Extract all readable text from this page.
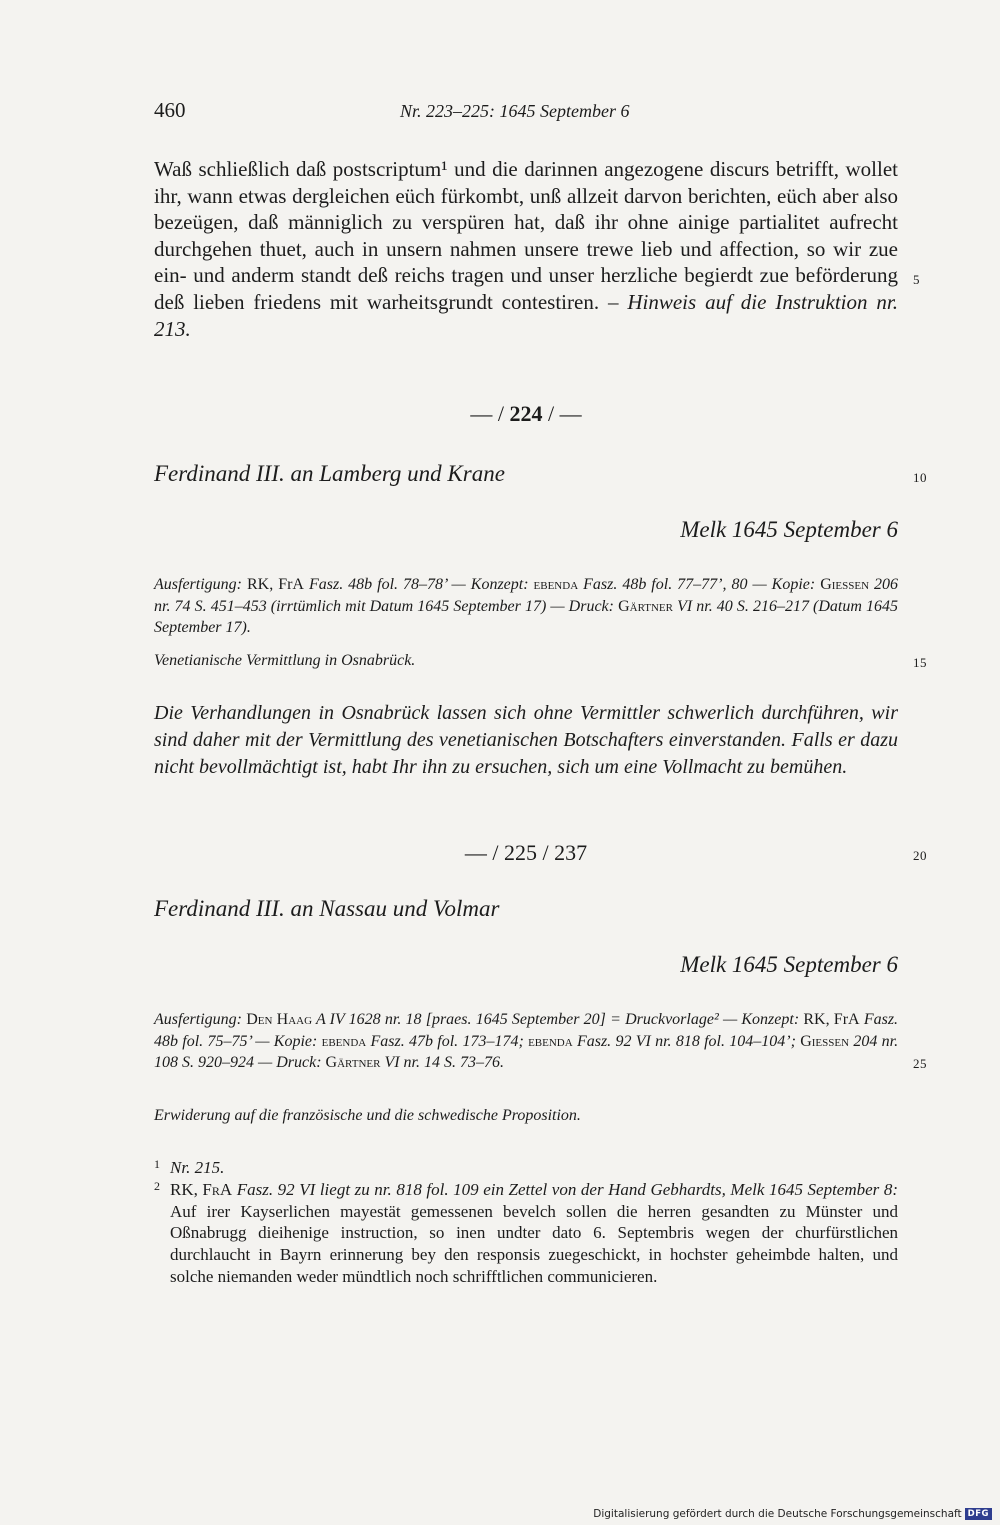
460	Nr. 223–225: 1645 September 6
Waß schließlich daß postscriptum¹ und die darinnen angezogene discurs betrifft, wollet ihr, wann etwas dergleichen eüch fürkombt, unß allzeit darvon berichten, eüch aber also bezeügen, daß männiglich zu verspüren hat, daß ihr ohne ainige partialitet aufrecht durchgehen thuet, auch in unsern nahmen unsere trewe lieb und affection, so wir zue ein- und anderm standt deß reichs tragen und unser herzliche begierdt zue beförderung deß lieben friedens mit warheitsgrundt contestiren. – Hinweis auf die Instruktion nr. 213.
5
10
15
20
25
— / 224 / —
Ferdinand III. an Lamberg und Krane
Melk 1645 September 6
Ausfertigung: RK, FrA Fasz. 48b fol. 78–78’ — Konzept: ebenda Fasz. 48b fol. 77–77’, 80 — Kopie: Giessen 206 nr. 74 S. 451–453 (irrtümlich mit Datum 1645 September 17) — Druck: Gärtner VI nr. 40 S. 216–217 (Datum 1645 September 17).
Venetianische Vermittlung in Osnabrück.
Die Verhandlungen in Osnabrück lassen sich ohne Vermittler schwerlich durchführen, wir sind daher mit der Vermittlung des venetianischen Botschafters einverstanden. Falls er dazu nicht bevollmächtigt ist, habt Ihr ihn zu ersuchen, sich um eine Vollmacht zu bemühen.
— / 225 / 237
Ferdinand III. an Nassau und Volmar
Melk 1645 September 6
Ausfertigung: Den Haag A IV 1628 nr. 18 [praes. 1645 September 20] = Druckvorlage² — Konzept: RK, FrA Fasz. 48b fol. 75–75’ — Kopie: ebenda Fasz. 47b fol. 173–174; ebenda Fasz. 92 VI nr. 818 fol. 104–104’; Giessen 204 nr. 108 S. 920–924 — Druck: Gärtner VI nr. 14 S. 73–76.
Erwiderung auf die französische und die schwedische Proposition.
1 Nr. 215.
2 RK, FrA Fasz. 92 VI liegt zu nr. 818 fol. 109 ein Zettel von der Hand Gebhardts, Melk 1645 September 8: Auf irer Kayserlichen mayestät gemessenen bevelch sollen die herren gesandten zu Münster und Oßnabrugg dieihenige instruction, so inen undter dato 6. Septembris wegen der churfürstlichen durchlaucht in Bayrn erinnerung bey den responsis zuegeschickt, in hochster geheimbde halten, und solche niemanden weder mündtlich noch schrifftlichen communicieren.
Digitalisierung gefördert durch die Deutsche Forschungsgemeinschaft DFG
